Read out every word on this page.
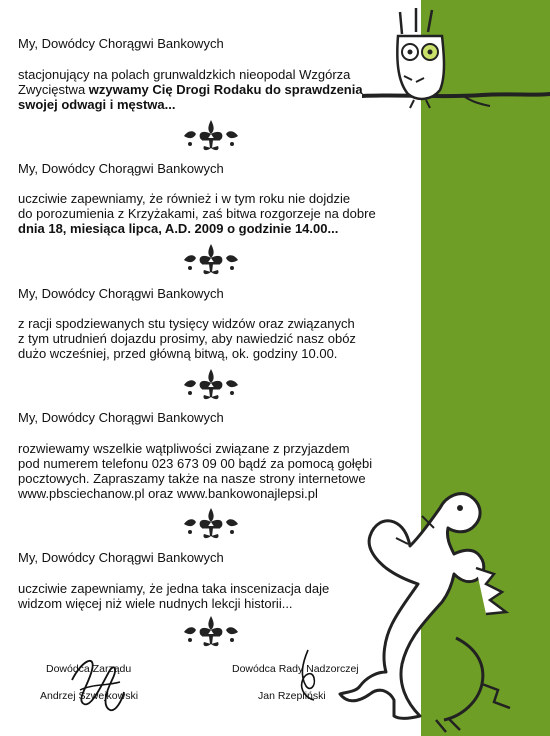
My, Dowódcy Chorągwi Bankowych
stacjonujący na polach grunwaldzkich nieopodal Wzgórza
Zwycięstwa wzywamy Cię Drogi Rodaku do sprawdzenia
swojej odwagi i męstwa...
My, Dowódcy Chorągwi Bankowych
uczciwie zapewniamy, że również i w tym roku nie dojdzie
do porozumienia z Krzyżakami, zaś bitwa rozgorzeje na dobre
dnia 18, miesiąca lipca, A.D. 2009 o godzinie 14.00...
My, Dowódcy Chorągwi Bankowych
z racji spodziewanych stu tysięcy widzów oraz związanych
z tym utrudnień dojazdu prosimy, aby nawiedzić nasz obóz
dużo wcześniej, przed główną bitwą, ok. godziny 10.00.
My, Dowódcy Chorągwi Bankowych
rozwiewamy wszelkie wątpliwości związane z przyjazdem
pod numerem telefonu 023 673 09 00 bądź za pomocą gołębi
pocztowych. Zapraszamy także na nasze strony internetowe
www.pbsciechanow.pl oraz www.bankowonajlepsi.pl
My, Dowódcy Chorągwi Bankowych
uczciwie zapewniamy, że jedna taka inscenizacja daje
widzom więcej niż wiele nudnych lekcji historii...
Dowódca Zarządu
Andrzej Szwejkowski
Dowódca Rady Nadzorczej
Jan Rzepliński
